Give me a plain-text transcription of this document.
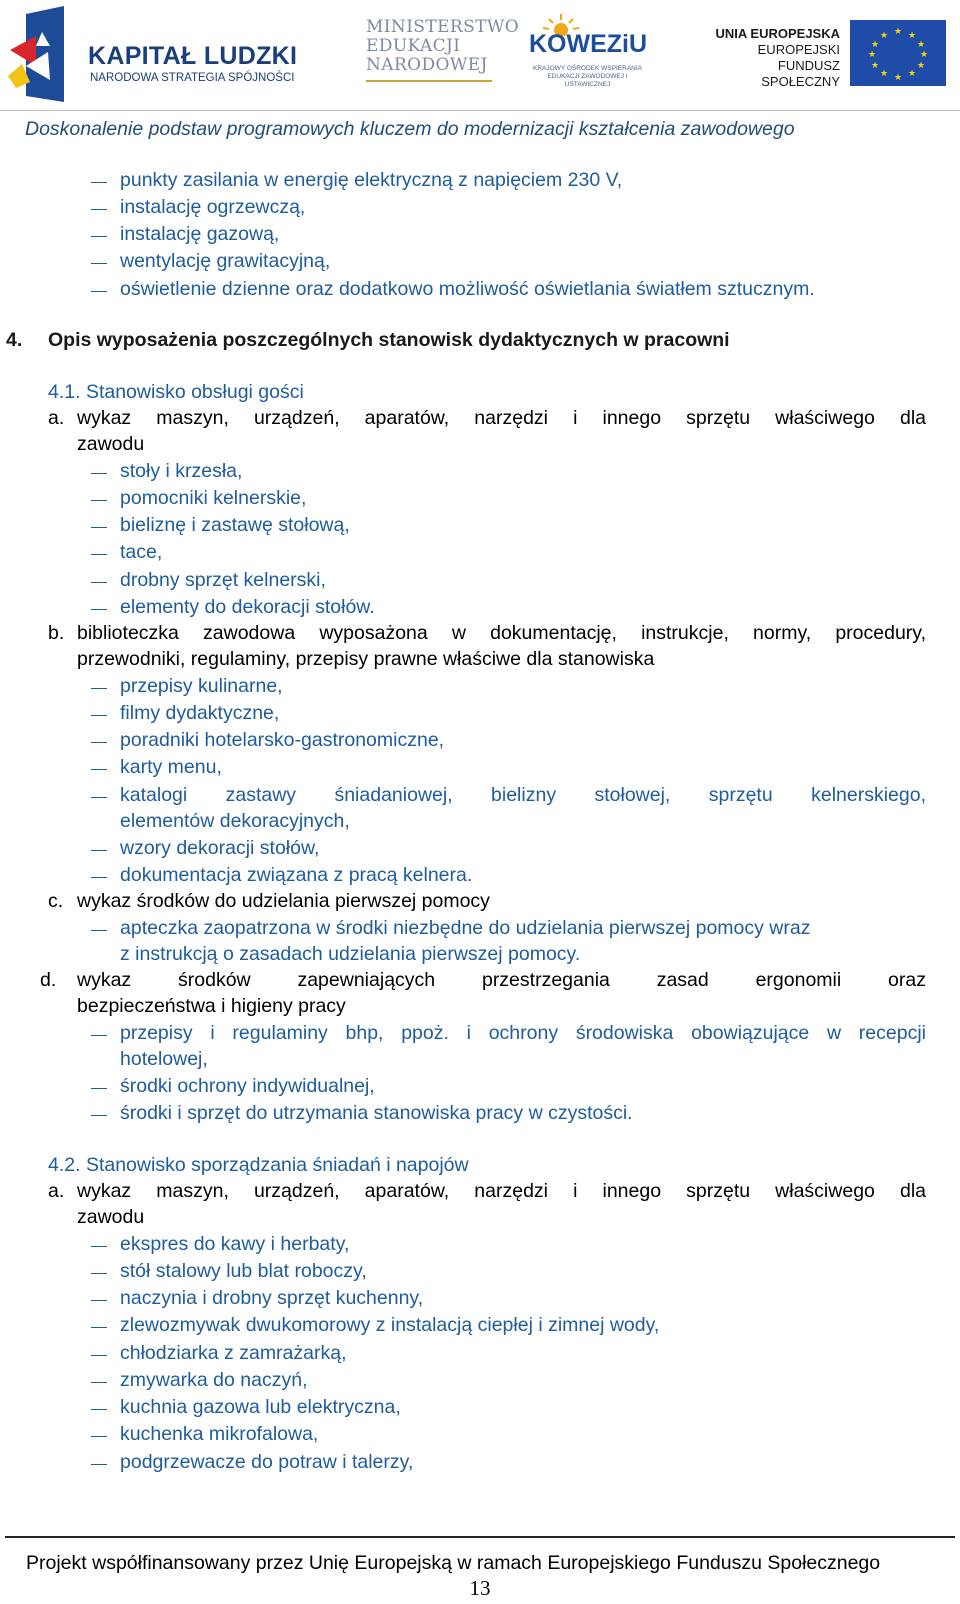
KAPITAŁ LUDZKI
NARODOWA STRATEGIA SPÓJNOŚCI
MINISTERSTWO
EDUKACJI
NARODOWEJ
KOWEZiU
KRAJOWY OŚRODEK WSPIERANIA EDUKACJI ZAWODOWEJ I USTAWICZNEJ
UNIA EUROPEJSKA
EUROPEJSKI
FUNDUSZ SPOŁECZNY
★ ★
★
★
★
★
★
★
★
★
★
★
Doskonalenie podstaw programowych kluczem do modernizacji kształcenia zawodowego
punkty zasilania w energię elektryczną z napięciem 230 V,
instalację ogrzewczą,
instalację gazową,
wentylację grawitacyjną,
oświetlenie dzienne oraz dodatkowo możliwość oświetlania światłem sztucznym.
4. Opis wyposażenia poszczególnych stanowisk dydaktycznych w pracowni
4.1. Stanowisko obsługi gości
a. wykaz maszyn, urządzeń, aparatów, narzędzi i innego sprzętu właściwego dla
zawodu
stoły i krzesła,
pomocniki kelnerskie,
bieliznę i zastawę stołową,
tace,
drobny sprzęt kelnerski,
elementy do dekoracji stołów.
b. biblioteczka zawodowa wyposażona w dokumentację, instrukcje, normy, procedury,
przewodniki, regulaminy, przepisy prawne właściwe dla stanowiska
przepisy kulinarne,
filmy dydaktyczne,
poradniki hotelarsko-gastronomiczne,
karty menu,
katalogi zastawy śniadaniowej, bielizny stołowej, sprzętu kelnerskiego,
elementów dekoracyjnych,
wzory dekoracji stołów,
dokumentacja związana z pracą kelnera.
c. wykaz środków do udzielania pierwszej pomocy
apteczka zaopatrzona w środki niezbędne do udzielania pierwszej pomocy wraz
z instrukcją o zasadach udzielania pierwszej pomocy.
d. wykaz środków zapewniających przestrzegania zasad ergonomii oraz
bezpieczeństwa i higieny pracy
przepisy i regulaminy bhp, ppoż. i ochrony środowiska obowiązujące w recepcji
hotelowej,
środki ochrony indywidualnej,
środki i sprzęt do utrzymania stanowiska pracy w czystości.
4.2. Stanowisko sporządzania śniadań i napojów
a. wykaz maszyn, urządzeń, aparatów, narzędzi i innego sprzętu właściwego dla
zawodu
ekspres do kawy i herbaty,
stół stalowy lub blat roboczy,
naczynia i drobny sprzęt kuchenny,
zlewozmywak dwukomorowy z instalacją ciepłej i zimnej wody,
chłodziarka z zamrażarką,
zmywarka do naczyń,
kuchnia gazowa lub elektryczna,
kuchenka mikrofalowa,
podgrzewacze do potraw i talerzy,
Projekt współfinansowany przez Unię Europejską w ramach Europejskiego Funduszu Społecznego
13
